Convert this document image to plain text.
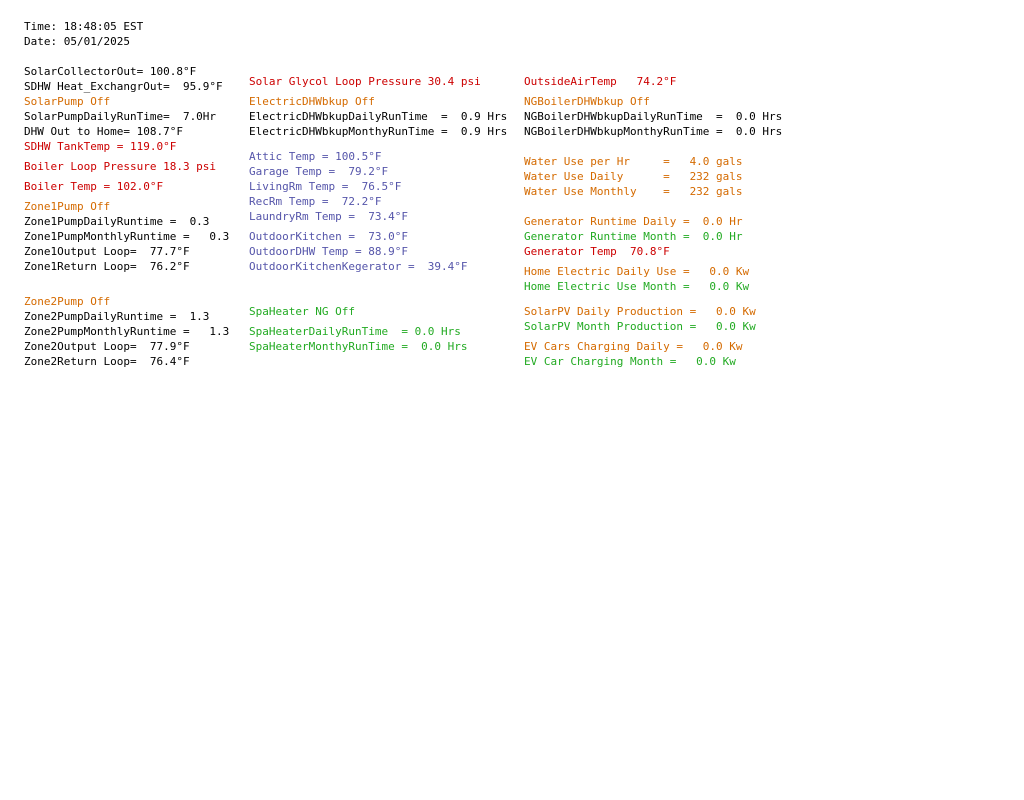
Time: 18:48:05 EST
Date: 05/01/2025
SolarCollectorOut= 100.8°F
SDHW Heat_ExchangrOut=  95.9°F
SolarPump Off
SolarPumpDailyRunTime=  7.0Hr
DHW Out to Home= 108.7°F
SDHW TankTemp = 119.0°F
Boiler Loop Pressure 18.3 psi
Boiler Temp = 102.0°F
Zone1Pump Off
Zone1PumpDailyRuntime =  0.3
Zone1PumpMonthlyRuntime =   0.3
Zone1Output Loop=  77.7°F
Zone1Return Loop=  76.2°F
Zone2Pump Off
Zone2PumpDailyRuntime =  1.3
Zone2PumpMonthlyRuntime =   1.3
Zone2Output Loop=  77.9°F
Zone2Return Loop=  76.4°F
Solar Glycol Loop Pressure 30.4 psi
ElectricDHWbkup Off
ElectricDHWbkupDailyRunTime  =  0.9 Hrs
ElectricDHWbkupMonthyRunTime =  0.9 Hrs
Attic Temp = 100.5°F
Garage Temp =  79.2°F
LivingRm Temp =  76.5°F
RecRm Temp =  72.2°F
LaundryRm Temp =  73.4°F
OutdoorKitchen =  73.0°F
OutdoorDHW Temp = 88.9°F
OutdoorKitchenKegerator =  39.4°F
SpaHeater NG Off
SpaHeaterDailyRunTime  = 0.0 Hrs
SpaHeaterMonthyRunTime =  0.0 Hrs
OutsideAirTemp   74.2°F
NGBoilerDHWbkup Off
NGBoilerDHWbkupDailyRunTime  =  0.0 Hrs
NGBoilerDHWbkupMonthyRunTime =  0.0 Hrs
Water Use per Hr     =   4.0 gals
Water Use Daily      =   232 gals
Water Use Monthly    =   232 gals
Generator Runtime Daily =  0.0 Hr
Generator Runtime Month =  0.0 Hr
Generator Temp  70.8°F
Home Electric Daily Use =   0.0 Kw
Home Electric Use Month =   0.0 Kw
SolarPV Daily Production =   0.0 Kw
SolarPV Month Production =   0.0 Kw
EV Cars Charging Daily =   0.0 Kw
EV Car Charging Month =   0.0 Kw
